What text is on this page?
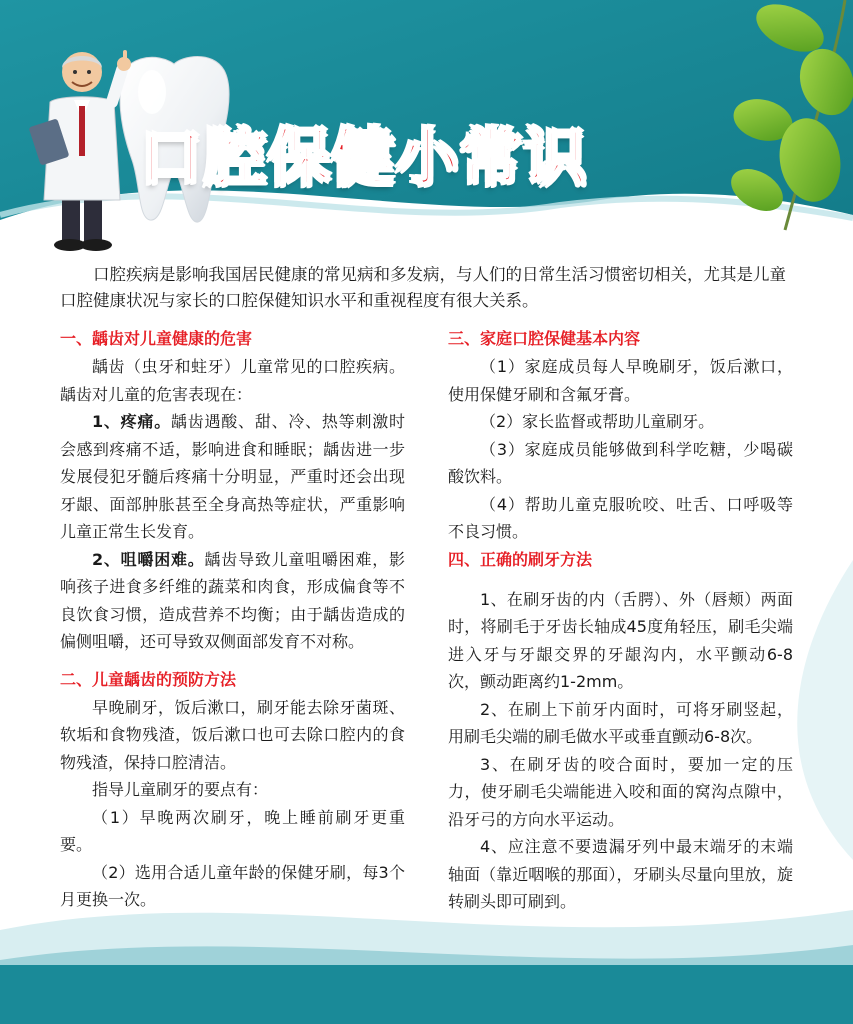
口腔保健小常识

口腔疾病是影响我国居民健康的常见病和多发病，与人们的日常生活习惯密切相关，尤其是儿童口腔健康状况与家长的口腔保健知识水平和重视程度有很大关系。

一、龋齿对儿童健康的危害

龋齿（虫牙和蛀牙）儿童常见的口腔疾病。龋齿对儿童的危害表现在：

1、疼痛。龋齿遇酸、甜、冷、热等刺激时会感到疼痛不适，影响进食和睡眠；龋齿进一步发展侵犯牙髓后疼痛十分明显，严重时还会出现牙龈、面部肿胀甚至全身高热等症状，严重影响儿童正常生长发育。

2、咀嚼困难。龋齿导致儿童咀嚼困难，影响孩子进食多纤维的蔬菜和肉食，形成偏食等不良饮食习惯，造成营养不均衡；由于龋齿造成的偏侧咀嚼，还可导致双侧面部发育不对称。

二、儿童龋齿的预防方法

早晚刷牙，饭后漱口，刷牙能去除牙菌斑、软垢和食物残渣，饭后漱口也可去除口腔内的食物残渣，保持口腔清洁。

指导儿童刷牙的要点有：

（1）早晚两次刷牙，晚上睡前刷牙更重要。

（2）选用合适儿童年龄的保健牙刷，每3个月更换一次。

三、家庭口腔保健基本内容

（1）家庭成员每人早晚刷牙，饭后漱口，使用保健牙刷和含氟牙膏。

（2）家长监督或帮助儿童刷牙。

（3）家庭成员能够做到科学吃糖，少喝碳酸饮料。

（4）帮助儿童克服吮咬、吐舌、口呼吸等不良习惯。

四、正确的刷牙方法

1、在刷牙齿的内（舌腭）、外（唇颊）两面时，将刷毛于牙齿长轴成45度角轻压，刷毛尖端进入牙与牙龈交界的牙龈沟内，水平颤动6-8次，颤动距离约1-2mm。

2、在刷上下前牙内面时，可将牙刷竖起，用刷毛尖端的刷毛做水平或垂直颤动6-8次。

3、在刷牙齿的咬合面时，要加一定的压力，使牙刷毛尖端能进入咬和面的窝沟点隙中，沿牙弓的方向水平运动。

4、应注意不要遗漏牙列中最末端牙的末端轴面（靠近咽喉的那面），牙刷头尽量向里放，旋转刷头即可刷到。
